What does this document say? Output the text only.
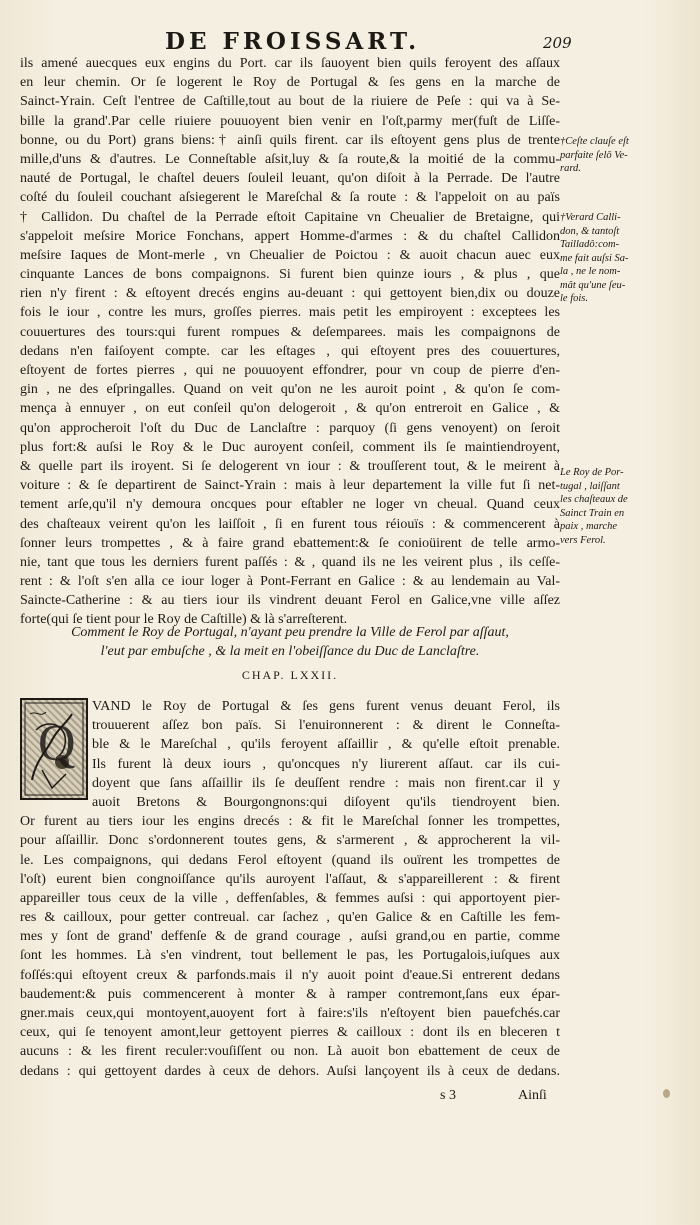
DE FROISSART.	209
ils amené auecques eux engins du Port. car ils ſauoyent bien quils feroyent des aſſaux
en leur chemin. Or ſe logerent le Roy de Portugal & ſes gens en la marche de
Sainct-Yrain. Ceſt l'entree de Caſtille,tout au bout de la riuiere de Peſe : qui va à Se-
bille la grand'.Par celle riuiere pouuoyent bien venir en l'oſt,parmy mer(fuſt de Liſſe-
bonne, ou du Port) grans biens:† ainſi quils firent. car ils eſtoyent gens plus de trente
mille,d'uns & d'autres. Le Conneſtable aſsit,luy & ſa route,& la moitié de la commu-
nauté de Portugal, le chaſtel deuers ſouleil leuant, qu'on diſoit à la Perrade. De l'autre
coſté du ſouleil couchant aſsiegerent le Mareſchal & ſa route : & l'appeloit on au païs
† Callidon. Du chaſtel de la Perrade eſtoit Capitaine vn Cheualier de Bretaigne, qui
s'appeloit meſsire Morice Fonchans, appert Homme-d'armes : & du chaſtel Callidon
meſsire Iaques de Mont-merle , vn Cheualier de Poictou : & auoit chacun auec eux
cinquante Lances de bons compaignons. Si furent bien quinze iours , & plus , que
rien n'y firent : & eſtoyent drecés engins au-deuant : qui gettoyent bien,dix ou douze
fois le iour , contre les murs, groſſes pierres. mais petit les empiroyent : exceptees les
couuertures des tours:qui furent rompues & deſemparees. mais les compaignons de
dedans n'en faiſoyent compte. car les eſtages , qui eſtoyent pres des couuertures,
eſtoyent de fortes pierres , qui ne pouuoyent effondrer, pour vn coup de pierre d'en-
gin , ne des eſpringalles. Quand on veit qu'on ne les auroit point , & qu'on ſe com-
mença à ennuyer , on eut conſeil qu'on delogeroit , & qu'on entreroit en Galice , &
qu'on approcheroit l'oſt du Duc de Lanclaſtre : parquoy (ſi gens venoyent) on ſeroit
plus fort:& auſsi le Roy & le Duc auroyent conſeil, comment ils ſe maintiendroyent,
& quelle part ils iroyent. Si ſe delogerent vn iour : & trouſſerent tout, & le meirent à
voiture : & ſe departirent de Sainct-Yrain : mais à leur departement la ville fut ſi net-
tement arſe,qu'il n'y demoura oncques pour eſtabler ne loger vn cheual. Quand ceux
des chaſteaux veirent qu'on les laiſſoit , ſi en furent tous réiouïs : & commencerent à
ſonner leurs trompettes , & à faire grand ebattement:& ſe conioüirent de telle armo-
nie, tant que tous les derniers furent paſſés : & , quand ils ne les veirent plus , ils ceſſe-
rent : & l'oſt s'en alla ce iour loger à Pont-Ferrant en Galice : & au lendemain au Val-
Saincte-Catherine : & au tiers iour ils vindrent deuant Ferol en Galice,vne ville aſſez
forte(qui ſe tient pour le Roy de Caſtille) & là s'arreſterent.
†Ceſte clauſe eſt
parfaite ſelō Ve-
rard.
†Verard Calli-
don, & tantoſt
Tailladô:com-
me fait auſsi Sa-
la , ne le nom-
mât qu'une ſeu-
le fois.
Le Roy de Por-
tugal , laiſſant
les chaſteaux de
Sainct Train en
paix , marche
vers Ferol.
Comment le Roy de Portugal, n'ayant peu prendre la Ville de Ferol par aſſaut,
l'eut par embuſche , & la meit en l'obeiſſance du Duc de Lanclaſtre.
CHAP. LXXII.
Q
VAND le Roy de Portugal & ſes gens furent venus deuant Ferol, ils
trouuerent aſſez bon païs. Si l'enuironnerent : & dirent le Conneſta-
ble & le Mareſchal , qu'ils feroyent aſſaillir , & qu'elle eſtoit prenable.
Ils furent là deux iours , qu'oncques n'y liurerent aſſaut. car ils cui-
doyent que ſans aſſaillir ils ſe deuſſent rendre : mais non firent.car il y
auoit Bretons & Bourgongnons:qui diſoyent qu'ils tiendroyent bien.
Or furent au tiers iour les engins drecés : & fit le Mareſchal ſonner les trompettes,
pour aſſaillir. Donc s'ordonnerent toutes gens, & s'armerent , & approcherent la vil-
le. Les compaignons, qui dedans Ferol eſtoyent (quand ils ouïrent les trompettes de
l'oſt) eurent bien congnoiſſance qu'ils auroyent l'aſſaut, & s'appareillerent : & firent
appareiller tous ceux de la ville , deffenſables, & femmes auſsi : qui apportoyent pier-
res & cailloux, pour getter contreual. car ſachez , qu'en Galice & en Caſtille les fem-
mes y ſont de grand' deffenſe & de grand courage , auſsi grand,ou en partie, comme
ſont les hommes. Là s'en vindrent, tout bellement le pas, les Portugalois,iuſques aux
foſſés:qui eſtoyent creux & parfonds.mais il n'y auoit point d'eaue.Si entrerent dedans
baudement:& puis commencerent à monter & à ramper contremont,ſans eux épar-
gner.mais ceux,qui montoyent,auoyent fort à faire:s'ils n'eſtoyent bien pauefchés.car
ceux, qui ſe tenoyent amont,leur gettoyent pierres & cailloux : dont ils en bleceren t
aucuns : & les firent reculer:vouſiſſent ou non. Là auoit bon ebattement de ceux de
dedans : qui gettoyent dardes à ceux de dehors. Auſsi lançoyent ils à ceux de dedans.
s 3	Ainſi
